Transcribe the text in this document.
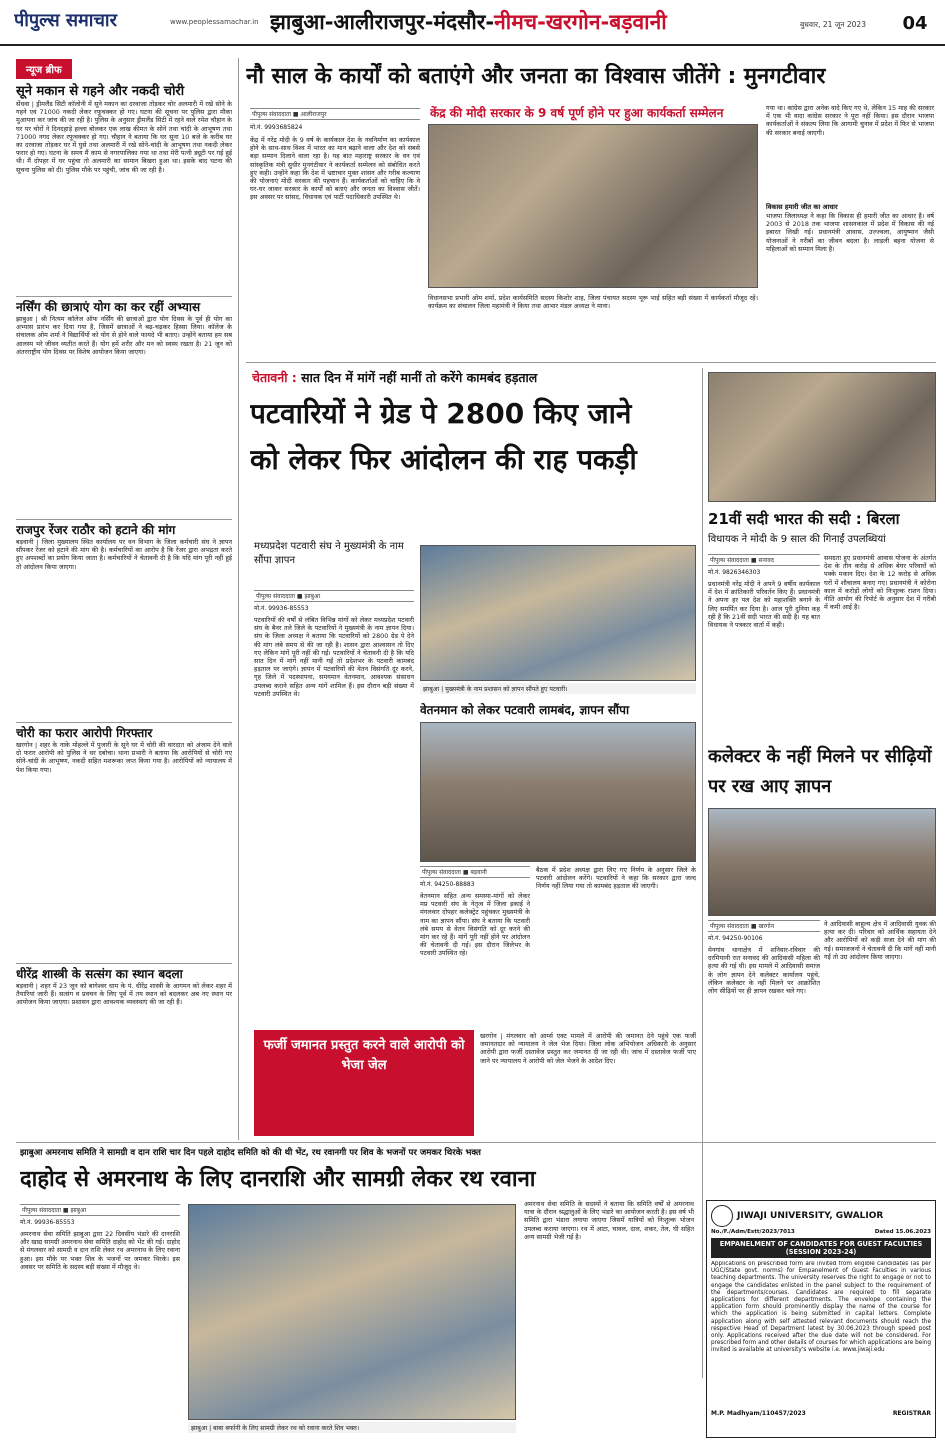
पीपुल्स समाचार	www.peoplessamachar.in झाबुआ-आलीराजपुर-मंदसौर-नीमच-खरगोन-बड़वानी	बुधवार, 21 जून 2023	04
न्यूज ब्रीफ
सूने मकान से गहने और नकदी चोरी
सेंधवा | ड्रीमलैंड सिटी कॉलोनी में सूने मकान का दरवाजा तोड़कर चोर अलमारी में रखे सोने के गहने एवं 71000 नकदी लेकर रफूचक्कर हो गए। घटना की सूचना पर पुलिस द्वारा मौका मुआयना कर जांच की जा रही है। पुलिस के अनुसार ड्रीमलैंड सिटी में रहने वाले रमेश चौहान के घर पर चोरों ने दिनदहाड़े हल्ला बोलकर एक लाख कीमत के सोने तथा चांदी के आभूषण तथा 71000 नगद लेकर रफूचक्कर हो गए। चौहान ने बताया कि घर सूना 10 बजे के करीब घर का दरवाजा तोड़कर घर में घुसे तथा अलमारी में रखे सोने-चांदी के आभूषण तथा नकदी लेकर फरार हो गए। घटना के समय मैं काम से नगरपालिका गया था तथा मेरी पत्नी ड्यूटी पर गई हुई थी। मैं दोपहर में घर पहुंचा तो अलमारी का सामान बिखरा हुआ था। इसके बाद घटना की सूचना पुलिस को दी। पुलिस मौके पर पहुंची, जांच की जा रही है।
नर्सिंग की छात्राएं योग का कर रहीं अभ्यास
झाबुआ | श्री नित्यम कॉलेज ऑफ नर्सिंग की छात्राओं द्वारा योग दिवस के पूर्व ही योग का अभ्यास प्रारंभ कर दिया गया है, जिसमें छात्राओं ने बढ़-चढ़कर हिस्सा लिया। कॉलेज के संचालक ओम शर्मा ने विद्यार्थियों को योग से होने वाले फायदे भी बताए। उन्होंने बताया हम सब आलस्य भरे जीवन व्यतीत करते हैं। योग हमें शरीर और मन को स्वस्थ रखता है। 21 जून को अंतरराष्ट्रीय योग दिवस पर विशेष आयोजन किया जाएगा।
राजपुर रेंजर राठौर को हटाने की मांग
बड़वानी | जिला मुख्यालय स्थित कार्यालय पर वन विभाग के जिला कर्मचारी संघ ने ज्ञापन सौंपकर रेंजर को हटाने की मांग की है। कर्मचारियों का आरोप है कि रेंजर द्वारा अभद्रता करते हुए अपशब्दों का प्रयोग किया जाता है। कर्मचारियों ने चेतावनी दी है कि यदि मांग पूरी नहीं हुई तो आंदोलन किया जाएगा।
चोरी का फरार आरोपी गिरफ्तार
खरगोन | शहर के नाके मोहल्ले में पुजारी के सूने घर में चोरी की वारदात को अंजाम देने वाले दो फरार आरोपी को पुलिस ने धर दबोचा। थाना प्रभारी ने बताया कि आरोपियों से चोरी गए सोने-चांदी के आभूषण, नकदी सहित मशरूका जप्त किया गया है। आरोपियों को न्यायालय में पेश किया गया।
धीरेंद्र शास्त्री के सत्संग का स्थान बदला
बड़वानी | शहर में 23 जून को बागेश्वर धाम के पं. धीरेंद्र शास्त्री के आगमन को लेकर शहर में तैयारियां जारी हैं। सत्संग व प्रवचन के लिए पूर्व में तय स्थान को बदलकर अब नए स्थान पर आयोजन किया जाएगा। प्रशासन द्वारा आवश्यक व्यवस्थाएं की जा रही हैं।
नौ साल के कार्यों को बताएंगे और जनता का विश्वास जीतेंगे : मुनगटीवार
केंद्र की मोदी सरकार के 9 वर्ष पूर्ण होने पर हुआ कार्यकर्ता सम्मेलन
पीपुल्स संवाददाता ■ आलीराजपुर
मो.नं. 9993685824
केंद्र में नरेंद्र मोदी के 9 वर्ष के कार्यकाल देश के नवनिर्माण का कार्यकाल होने के साथ-साथ विश्व में भारत का मान बढ़ाने वाला और देश को सबसे बड़ा सम्मान दिलाने वाला रहा है। यह बात महाराष्ट्र सरकार के वन एवं सांस्कृतिक मंत्री सुधीर मुनगंटीवार ने कार्यकर्ता सम्मेलन को संबोधित करते हुए कही। उन्होंने कहा कि देश में भ्रष्टाचार मुक्त शासन और गरीब कल्याण की योजनाएं मोदी सरकार की पहचान हैं। कार्यकर्ताओं को चाहिए कि वे घर-घर जाकर सरकार के कार्यों को बताएं और जनता का विश्वास जीतें। इस अवसर पर सांसद, विधायक एवं पार्टी पदाधिकारी उपस्थित थे।
विधानसभा प्रभारी ओम शर्मा, प्रदेश कार्यसमिति सदस्य किशोर शाह, जिला पंचायत सदस्य भूरू भाई सहित बड़ी संख्या में कार्यकर्ता मौजूद रहे। कार्यक्रम का संचालन जिला महामंत्री ने किया तथा आभार मंडल अध्यक्ष ने माना।
गया था। कांग्रेस द्वारा अनेक वादे किए गए थे, लेकिन 15 माह की सरकार में एक भी वादा कांग्रेस सरकार ने पूरा नहीं किया। इस दौरान भाजपा कार्यकर्ताओं ने संकल्प लिया कि आगामी चुनाव में प्रदेश में फिर से भाजपा की सरकार बनाई जाएगी।
विकास हमारी जीत का आधार
भाजपा जिलाध्यक्ष ने कहा कि विकास ही हमारी जीत का आधार है। वर्ष 2003 से 2018 तक भाजपा शासनकाल में प्रदेश में विकास की नई इबारत लिखी गई। प्रधानमंत्री आवास, उज्ज्वला, आयुष्मान जैसी योजनाओं ने गरीबों का जीवन बदला है। लाड़ली बहना योजना से महिलाओं को सम्मान मिला है।
चेतावनी : सात दिन में मांगें नहीं मानीं तो करेंगे कामबंद हड़ताल
पटवारियों ने ग्रेड पे 2800 किए जाने
को लेकर फिर आंदोलन की राह पकड़ी
मध्यप्रदेश पटवारी संघ ने मुख्यमंत्री के नाम सौंपा ज्ञापन
पीपुल्स संवाददाता ■ झाबुआ
मो.नं. 99936-85553
पटवारियों की वर्षों से लंबित विभिन्न मांगों को लेकर मध्यप्रदेश पटवारी संघ के बैनर तले जिले के पटवारियों ने मुख्यमंत्री के नाम ज्ञापन दिया। संघ के जिला अध्यक्ष ने बताया कि पटवारियों को 2800 ग्रेड पे देने की मांग लंबे समय से की जा रही है। शासन द्वारा आश्वासन तो दिए गए लेकिन मांगें पूरी नहीं की गईं। पटवारियों ने चेतावनी दी है कि यदि सात दिन में मांगें नहीं मानी गईं तो प्रदेशभर के पटवारी कामबंद हड़ताल पर जाएंगे। ज्ञापन में पटवारियों की वेतन विसंगति दूर करने, गृह जिले में पदस्थापना, समयमान वेतनमान, आवश्यक संसाधन उपलब्ध कराने सहित अन्य मांगें शामिल हैं। इस दौरान बड़ी संख्या में पटवारी उपस्थित थे।
झाबुआ | मुख्यमंत्री के नाम प्रशासन को ज्ञापन सौंपते हुए पटवारी।
वेतनमान को लेकर पटवारी लामबंद, ज्ञापन सौंपा
पीपुल्स संवाददाता ■ बड़वानी
मो.नं. 94250-88883
वेतनमान सहित अन्य समस्या-मांगों को लेकर मप्र पटवारी संघ के नेतृत्व में जिला इकाई ने मंगलवार दोपहर कलेक्ट्रेट पहुंचकर मुख्यमंत्री के नाम का ज्ञापन सौंपा। संघ ने बताया कि पटवारी लंबे समय से वेतन विसंगति को दूर करने की मांग कर रहे हैं। मांगें पूरी नहीं होने पर आंदोलन की चेतावनी दी गई। इस दौरान जिलेभर के पटवारी उपस्थित रहे।
बैठक में प्रदेश अध्यक्ष द्वारा लिए गए निर्णय के अनुसार जिले के पटवारी आंदोलन करेंगे। पटवारियों ने कहा कि सरकार द्वारा जल्द निर्णय नहीं लिया गया तो कामबंद हड़ताल की जाएगी।
फर्जी जमानत प्रस्तुत करने वाले आरोपी को भेजा जेल
खरगोन | मंगलवार को आर्म्स एक्ट मामले में आरोपी की जमानत देने पहुंचे एक फर्जी जमानतदार को न्यायालय ने जेल भेज दिया। जिला लोक अभियोजन अधिकारी के अनुसार आरोपी द्वारा फर्जी दस्तावेज प्रस्तुत कर जमानत दी जा रही थी। जांच में दस्तावेज फर्जी पाए जाने पर न्यायालय ने आरोपी को जेल भेजने के आदेश दिए।
21वीं सदी भारत की सदी : बिरला
विधायक ने मोदी के 9 साल की गिनाईं उपलब्धियां
पीपुल्स संवाददाता ■ सनावद
मो.नं. 9826346303
प्रधानमंत्री नरेंद्र मोदी ने अपने 9 वर्षीय कार्यकाल में देश में क्रांतिकारी परिवर्तन किए हैं। प्रधानमंत्री ने अपना हर पल देश को महाशक्ति बनाने के लिए समर्पित कर दिया है। आज पूरी दुनिया कह रही है कि 21वीं सदी भारत की सदी है। यह बात विधायक ने पत्रकार वार्ता में कही।
समग्रता हुए प्रधानमंत्री आवास योजना के अंतर्गत देश के तीन करोड़ से अधिक बेघर परिवारों को पक्के मकान दिए। देश के 12 करोड़ से अधिक घरों में शौचालय बनाए गए। प्रधानमंत्री ने कोरोना काल में करोड़ों लोगों को निःशुल्क राशन दिया। नीति आयोग की रिपोर्ट के अनुसार देश में गरीबी में कमी आई है।
कलेक्टर के नहीं मिलने पर सीढ़ियों पर रख आए ज्ञापन
पीपुल्स संवाददाता ■ खरगोन
मो.नं. 94250-90106
मेनगांव थानाक्षेत्र में शनिवार-रविवार की दरमियानी रात सनावद की आदिवासी महिला की हत्या की गई थी। इस मामले में आदिवासी समाज के लोग ज्ञापन देने कलेक्टर कार्यालय पहुंचे, लेकिन कलेक्टर के नहीं मिलने पर आक्रोशित लोग सीढ़ियों पर ही ज्ञापन रखकर चले गए।
ने आदिवासी बाहुल्य क्षेत्र में आदिवासी युवक की हत्या कर दी। परिवार को आर्थिक सहायता देने और आरोपियों को कड़ी सजा देने की मांग की गई। समाजजनों ने चेतावनी दी कि मांगें नहीं मानी गईं तो उग्र आंदोलन किया जाएगा।
झाबुआ अमरनाथ समिति ने सामग्री व दान राशि चार दिन पहले दाहोद समिति को की थी भेंट, रथ रवानगी पर शिव के भजनों पर जमकर थिरके भक्त
दाहोद से अमरनाथ के लिए दानराशि और सामग्री लेकर रथ रवाना
पीपुल्स संवाददाता ■ झाबुआ
मो.नं. 99936-85553
अमरनाथ सेवा समिति झाबुआ द्वारा 22 दिवसीय भंडारे की दानराशि और खाद्य सामग्री अमरनाथ सेवा समिति दाहोद को भेंट की गई। दाहोद से मंगलवार को सामग्री व दान राशि लेकर रथ अमरनाथ के लिए रवाना हुआ। इस मौके पर भक्त शिव के भजनों पर जमकर थिरके। इस अवसर पर समिति के सदस्य बड़ी संख्या में मौजूद थे।
झाबुआ | बाबा बर्फानी के लिए सामग्री लेकर रथ को रवाना करते शिव भक्त।
अमरनाथ सेवा समिति के सदस्यों ने बताया कि समिति वर्षों से अमरनाथ यात्रा के दौरान श्रद्धालुओं के लिए भंडारे का आयोजन करती है। इस वर्ष भी समिति द्वारा भंडारा लगाया जाएगा जिसमें यात्रियों को निःशुल्क भोजन उपलब्ध कराया जाएगा। रथ में आटा, चावल, दाल, शकर, तेल, घी सहित अन्य सामग्री भेजी गई है।
JIWAJI UNIVERSITY, GWALIOR
No./F./Adm/Estt/2023/7013	Dated 15.06.2023
EMPANELMENT OF CANDIDATES FOR GUEST FACULTIES (SESSION 2023-24)
Applications on prescribed form are invited from eligible candidates (as per UGC/State govt. norms) for Empanelment of Guest Faculties in various teaching departments. The university reserves the right to engage or not to engage the candidates enlisted in the panel subject to the requirement of the departments/courses. Candidates are required to fill separate applications for different departments. The envelope containing the application form should prominently display the name of the course for which the application is being submitted in capital letters. Complete application along with self attested relevant documents should reach the respective Head of Department latest by 30.06.2023 through speed post only. Applications received after the due date will not be considered. For prescribed form and other details of courses for which applications are being invited is available at university's website i.e. www.jiwaji.edu
M.P. Madhyam/110457/2023	REGISTRAR
